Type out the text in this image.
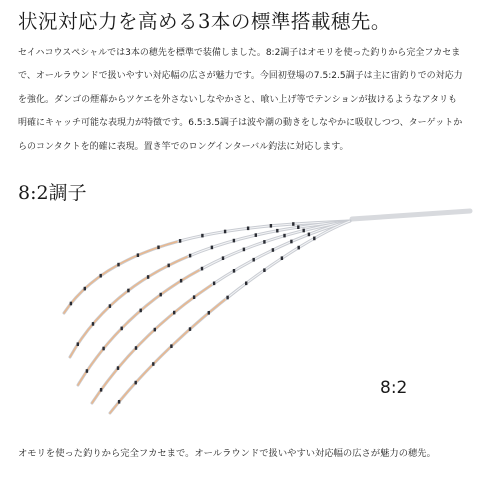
状況対応力を高める3本の標準搭載穂先。

セイハコウスペシャルでは3本の穂先を標準で装備しました。8:2調子はオモリを使った釣りから完全フカセまで、オールラウンドで扱いやすい対応幅の広さが魅力です。今回初登場の7.5:2.5調子は主に宙釣りでの対応力を強化。ダンゴの煙幕からツケエを外さないしなやかさと、喰い上げ等でテンションが抜けるようなアタリも明確にキャッチ可能な表現力が特徴です。6.5:3.5調子は波や潮の動きをしなやかに吸収しつつ、ターゲットからのコンタクトを的確に表現。置き竿でのロングインターバル釣法に対応します。

8:2調子

8:2

オモリを使った釣りから完全フカセまで。オールラウンドで扱いやすい対応幅の広さが魅力の穂先。
